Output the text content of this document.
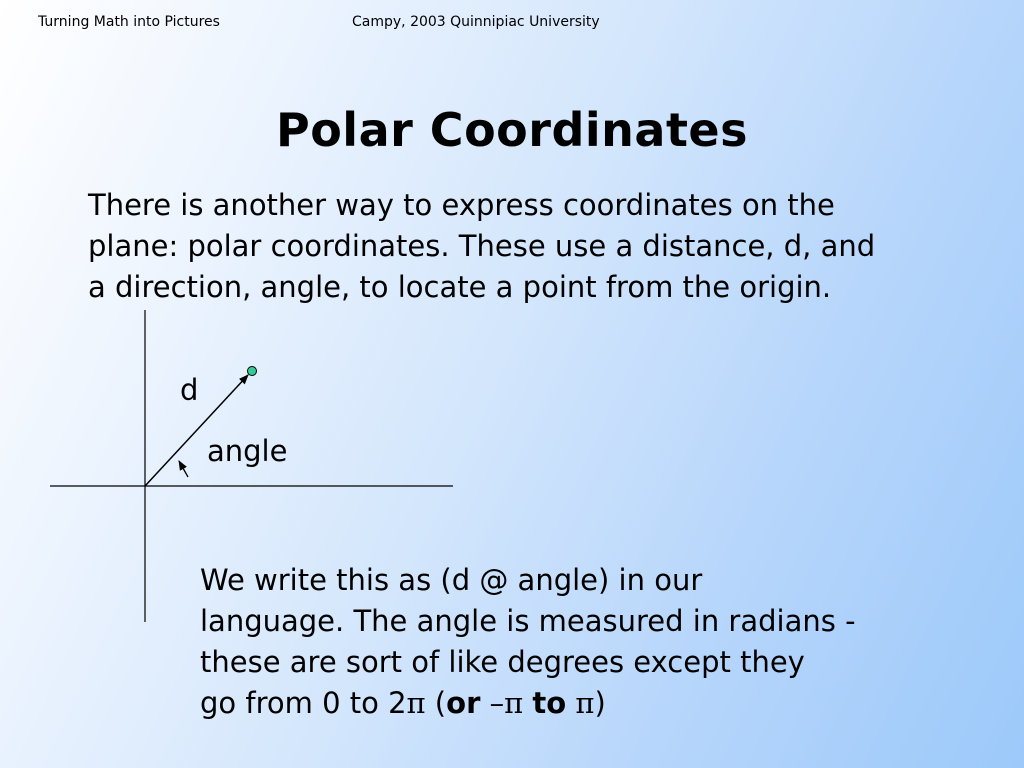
Turning Math into Pictures	Campy, 2003 Quinnipiac University
Polar Coordinates
There is another way to express coordinates on the
plane: polar coordinates. These use a distance, d, and
a direction, angle, to locate a point from the origin.
d
angle
We write this as (d @ angle) in our
language. The angle is measured in radians -
these are sort of like degrees except they
go from 0 to 2π (or –π to π)
